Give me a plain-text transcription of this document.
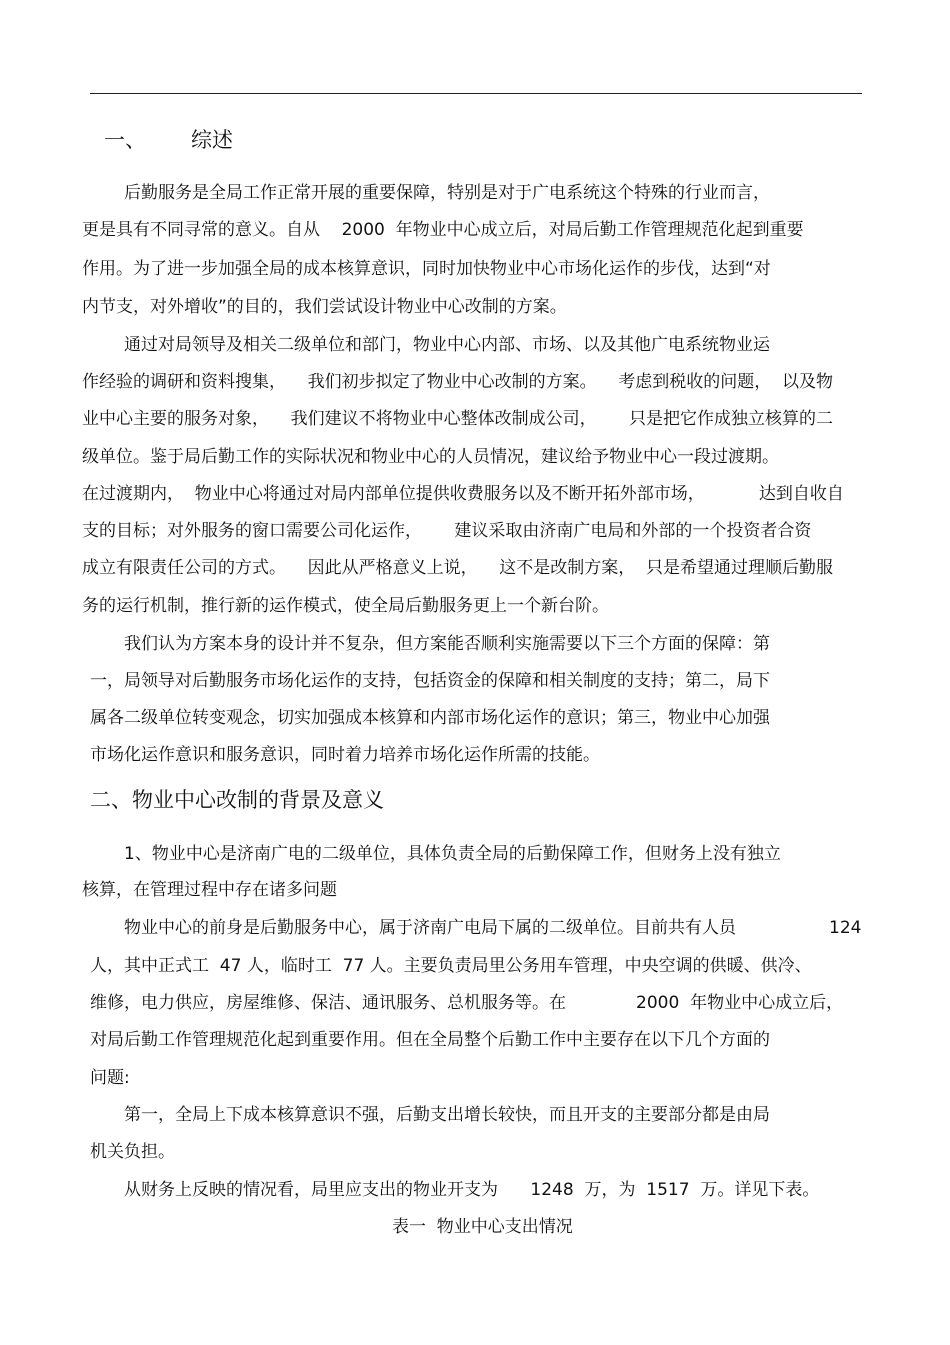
一、 综述
后勤服务是全局工作正常开展的重要保障，特别是对于广电系统这个特殊的行业而言，
更是具有不同寻常的意义。自从    2000  年物业中心成立后，对局后勤工作管理规范化起到重要
作用。为了进一步加强全局的成本核算意识，同时加快物业中心市场化运作的步伐，达到“对
内节支，对外增收”的目的，我们尝试设计物业中心改制的方案。
通过对局领导及相关二级单位和部门，物业中心内部、市场、以及其他广电系统物业运
作经验的调研和资料搜集，    我们初步拟定了物业中心改制的方案。    考虑到税收的问题，  以及物
业中心主要的服务对象，    我们建议不将物业中心整体改制成公司，      只是把它作成独立核算的二
级单位。鉴于局后勤工作的实际状况和物业中心的人员情况，建议给予物业中心一段过渡期。
在过渡期内，  物业中心将通过对局内部单位提供收费服务以及不断开拓外部市场，          达到自收自
支的目标；对外服务的窗口需要公司化运作，      建议采取由济南广电局和外部的一个投资者合资
成立有限责任公司的方式。    因此从严格意义上说，    这不是改制方案，  只是希望通过理顺后勤服
务的运行机制，推行新的运作模式，使全局后勤服务更上一个新台阶。
我们认为方案本身的设计并不复杂，但方案能否顺利实施需要以下三个方面的保障：第
一，局领导对后勤服务市场化运作的支持，包括资金的保障和相关制度的支持；第二，局下
属各二级单位转变观念，切实加强成本核算和内部市场化运作的意识；第三，物业中心加强
市场化运作意识和服务意识，同时着力培养市场化运作所需的技能。
二、物业中心改制的背景及意义
1、物业中心是济南广电的二级单位，具体负责全局的后勤保障工作，但财务上没有独立
核算，在管理过程中存在诸多问题
物业中心的前身是后勤服务中心，属于济南广电局下属的二级单位。目前共有人员	124
人，其中正式工  47 人，临时工  77 人。主要负责局里公务用车管理，中央空调的供暖、供冷、
维修，电力供应，房屋维修、保洁、通讯服务、总机服务等。在	2000  年物业中心成立后，
对局后勤工作管理规范化起到重要作用。但在全局整个后勤工作中主要存在以下几个方面的
问题:
第一，全局上下成本核算意识不强，后勤支出增长较快，而且开支的主要部分都是由局
机关负担。
从财务上反映的情况看，局里应支出的物业开支为      1248  万，为  1517  万。详见下表。
表一  物业中心支出情况
